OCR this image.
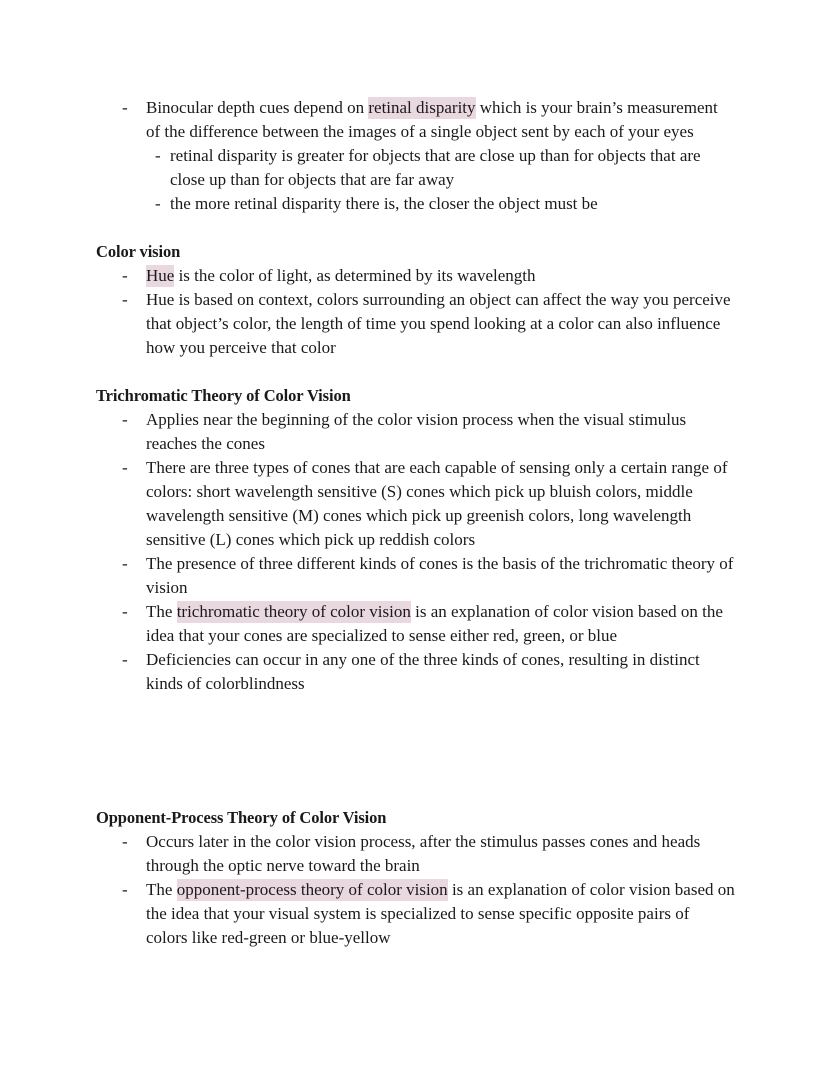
- Binocular depth cues depend on retinal disparity which is your brain’s measurement of the difference between the images of a single object sent by each of your eyes
- retinal disparity is greater for objects that are close up than for objects that are close up than for objects that are far away
- the more retinal disparity there is, the closer the object must be
Color vision
- Hue is the color of light, as determined by its wavelength
- Hue is based on context, colors surrounding an object can affect the way you perceive that object’s color, the length of time you spend looking at a color can also influence how you perceive that color
Trichromatic Theory of Color Vision
- Applies near the beginning of the color vision process when the visual stimulus reaches the cones
- There are three types of cones that are each capable of sensing only a certain range of colors: short wavelength sensitive (S) cones which pick up bluish colors, middle wavelength sensitive (M) cones which pick up greenish colors, long wavelength sensitive (L) cones which pick up reddish colors
- The presence of three different kinds of cones is the basis of the trichromatic theory of vision
- The trichromatic theory of color vision is an explanation of color vision based on the idea that your cones are specialized to sense either red, green, or blue
- Deficiencies can occur in any one of the three kinds of cones, resulting in distinct kinds of colorblindness
Opponent-Process Theory of Color Vision
- Occurs later in the color vision process, after the stimulus passes cones and heads through the optic nerve toward the brain
- The opponent-process theory of color vision is an explanation of color vision based on the idea that your visual system is specialized to sense specific opposite pairs of colors like red-green or blue-yellow
